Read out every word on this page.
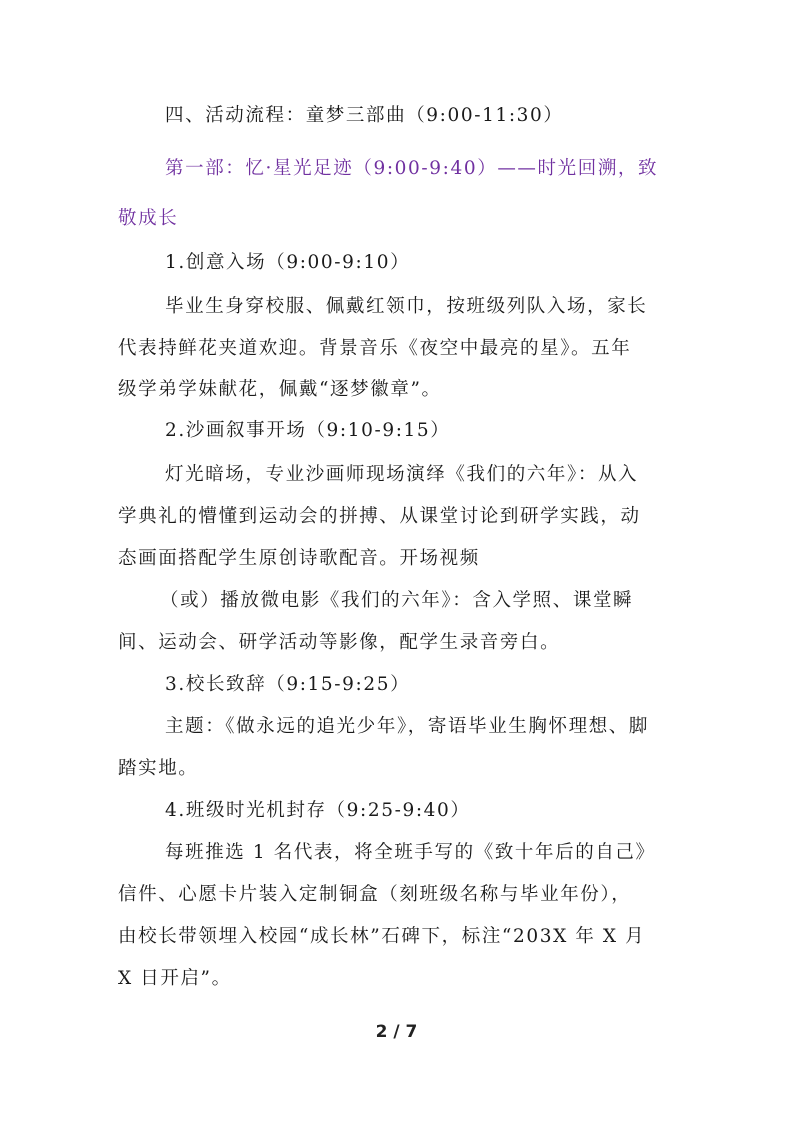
四、活动流程：童梦三部曲（9:00-11:30）
第一部：忆·星光足迹（9:00-9:40）——时光回溯，致
敬成长
1.创意入场（9:00-9:10）
毕业生身穿校服、佩戴红领巾，按班级列队入场，家长
代表持鲜花夹道欢迎。背景音乐《夜空中最亮的星》。五年
级学弟学妹献花，佩戴“逐梦徽章”。
2.沙画叙事开场（9:10-9:15）
灯光暗场，专业沙画师现场演绎《我们的六年》：从入
学典礼的懵懂到运动会的拼搏、从课堂讨论到研学实践，动
态画面搭配学生原创诗歌配音。开场视频
（或）播放微电影《我们的六年》：含入学照、课堂瞬
间、运动会、研学活动等影像，配学生录音旁白。
3.校长致辞（9:15-9:25）
主题：《做永远的追光少年》，寄语毕业生胸怀理想、脚
踏实地。
4.班级时光机封存（9:25-9:40）
每班推选 1 名代表，将全班手写的《致十年后的自己》
信件、心愿卡片装入定制铜盒（刻班级名称与毕业年份），
由校长带领埋入校园“成长林”石碑下，标注“203X 年 X 月
X 日开启”。
2 / 7
